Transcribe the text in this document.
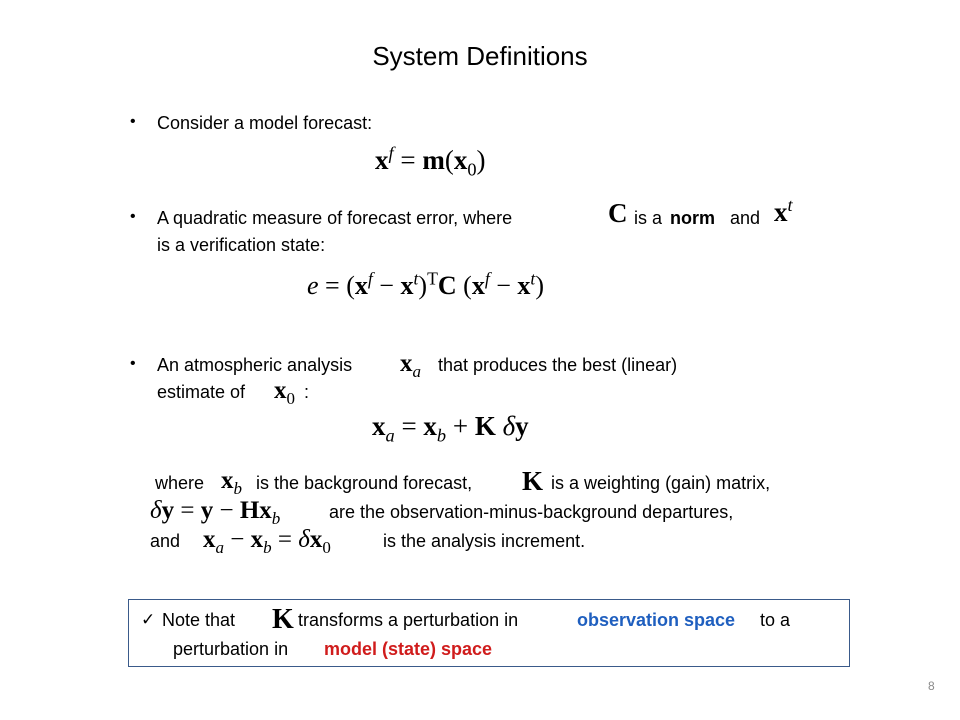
System Definitions
• Consider a model forecast:
$x^f = m(x_0)$
• A quadratic measure of forecast error, where	C is a norm and $x^t$
is a verification state:
$e = (x^f - x^t)^TC$ $(x^f - x^t)$
• An atmospheric analysis $x_a$ that produces the best (linear)
estimate of $x_0$ :
$x_a = x_b + K$ δy
where $x_b$ is the background forecast, K is a weighting (gain) matrix,
$\delta y = y - Hx_b$	are the observation-minus-background departures,
and $x_a - x_b = \delta x_0$	is the analysis increment.
✓ Note that K transforms a perturbation in	observation space to a
perturbation in model (state) space
8
